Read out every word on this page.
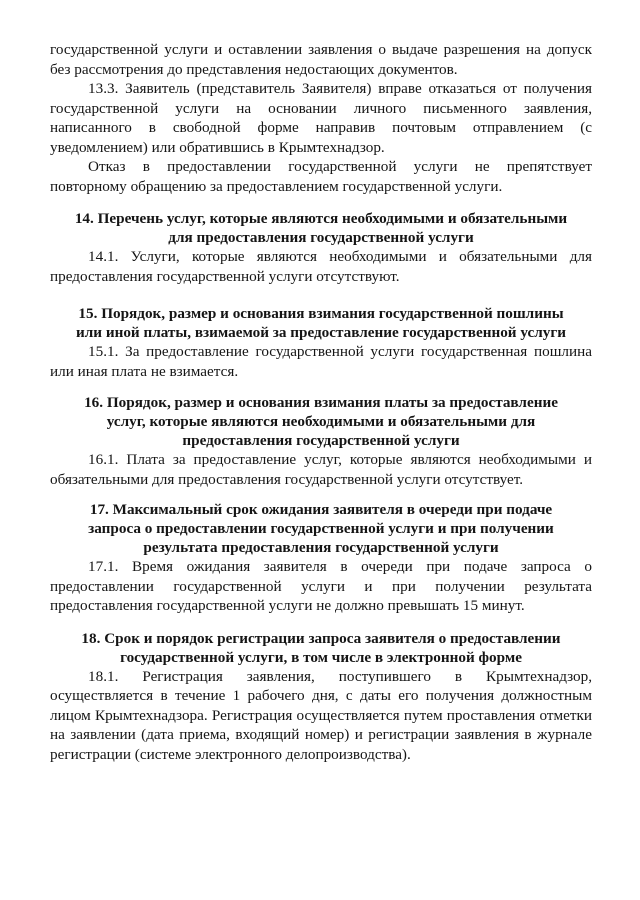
государственной услуги и оставлении заявления о выдаче разрешения на допуск без рассмотрения до представления недостающих документов.

13.3. Заявитель (представитель Заявителя) вправе отказаться от получения государственной услуги на основании личного письменного заявления, написанного в свободной форме направив почтовым отправлением (с уведомлением) или обратившись в Крымтехнадзор.

Отказ в предоставлении государственной услуги не препятствует повторному обращению за предоставлением государственной услуги.

14. Перечень услуг, которые являются необходимыми и обязательными для предоставления государственной услуги

14.1. Услуги, которые являются необходимыми и обязательными для предоставления государственной услуги отсутствуют.

15. Порядок, размер и основания взимания государственной пошлины или иной платы, взимаемой за предоставление государственной услуги

15.1. За предоставление государственной услуги государственная пошлина или иная плата не взимается.

16. Порядок, размер и основания взимания платы за предоставление услуг, которые являются необходимыми и обязательными для предоставления государственной услуги

16.1. Плата за предоставление услуг, которые являются необходимыми и обязательными для предоставления государственной услуги отсутствует.

17. Максимальный срок ожидания заявителя в очереди при подаче запроса о предоставлении государственной услуги и при получении результата предоставления государственной услуги

17.1. Время ожидания заявителя в очереди при подаче запроса о предоставлении государственной услуги и при получении результата предоставления государственной услуги не должно превышать 15 минут.

18. Срок и порядок регистрации запроса заявителя о предоставлении государственной услуги, в том числе в электронной форме

18.1. Регистрация заявления, поступившего в Крымтехнадзор, осуществляется в течение 1 рабочего дня, с даты его получения должностным лицом Крымтехнадзора. Регистрация осуществляется путем проставления отметки на заявлении (дата приема, входящий номер) и регистрации заявления в журнале регистрации (системе электронного делопроизводства).
